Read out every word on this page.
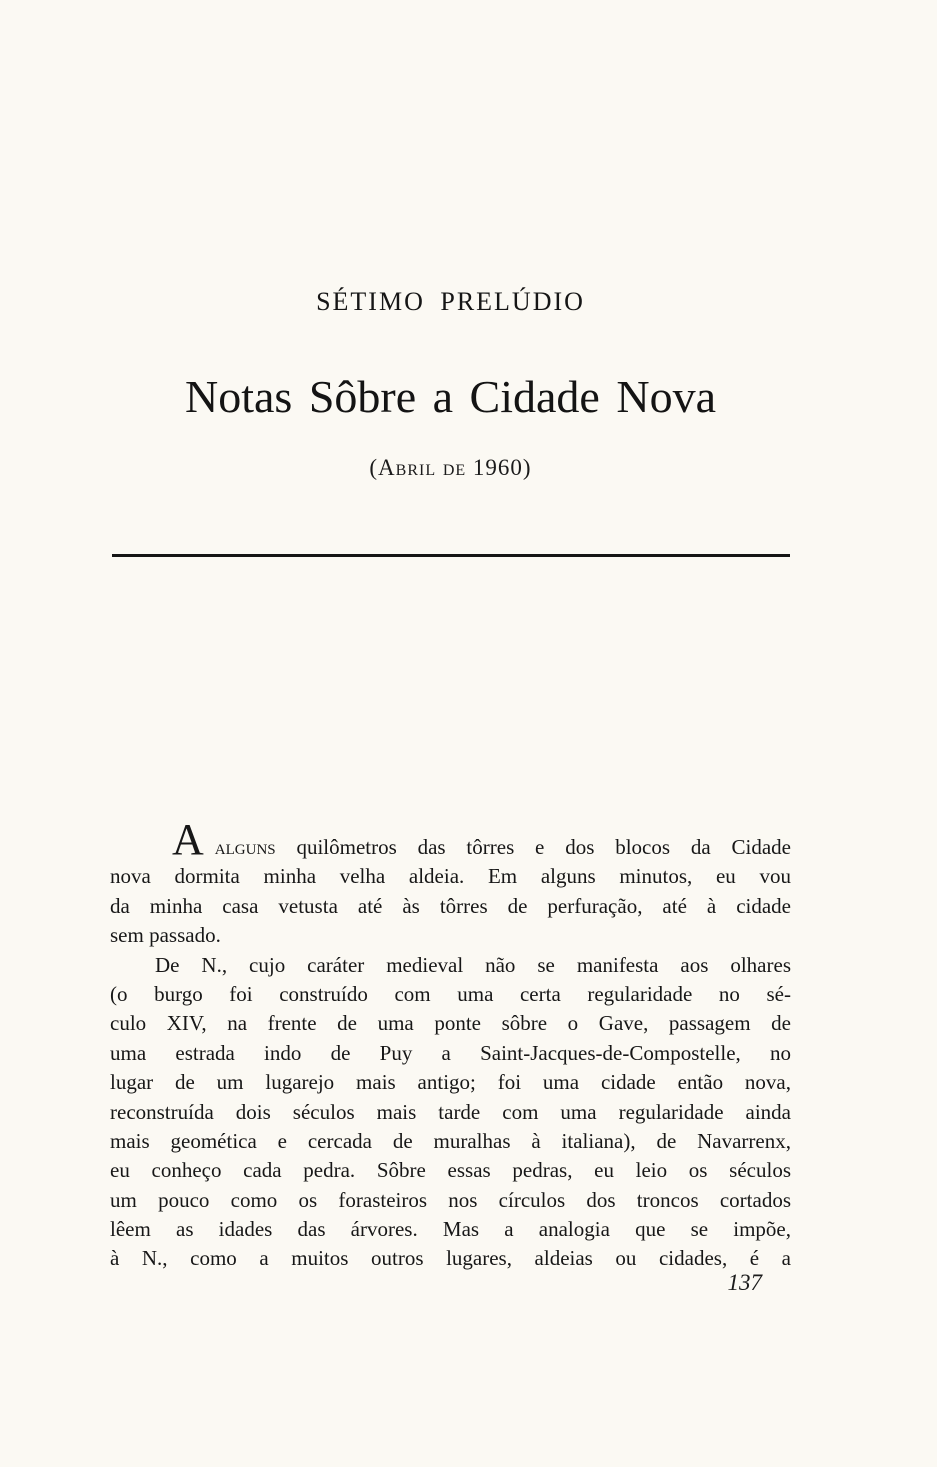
SÉTIMO PRELÚDIO
Notas Sôbre a Cidade Nova
(Abril de 1960)
Aalguns quilômetros das tôrres e dos blocos da Cidade
nova dormita minha velha aldeia. Em alguns minutos, eu vou
da minha casa vetusta até às tôrres de perfuração, até à cidade
sem passado.
De N., cujo caráter medieval não se manifesta aos olhares
(o burgo foi construído com uma certa regularidade no sé-
culo XIV, na frente de uma ponte sôbre o Gave, passagem de
uma estrada indo de Puy a Saint-Jacques-de-Compostelle, no
lugar de um lugarejo mais antigo; foi uma cidade então nova,
reconstruída dois séculos mais tarde com uma regularidade ainda
mais geomética e cercada de muralhas à italiana), de Navarrenx,
eu conheço cada pedra. Sôbre essas pedras, eu leio os séculos
um pouco como os forasteiros nos círculos dos troncos cortados
lêem as idades das árvores. Mas a analogia que se impõe,
à N., como a muitos outros lugares, aldeias ou cidades, é a
137
